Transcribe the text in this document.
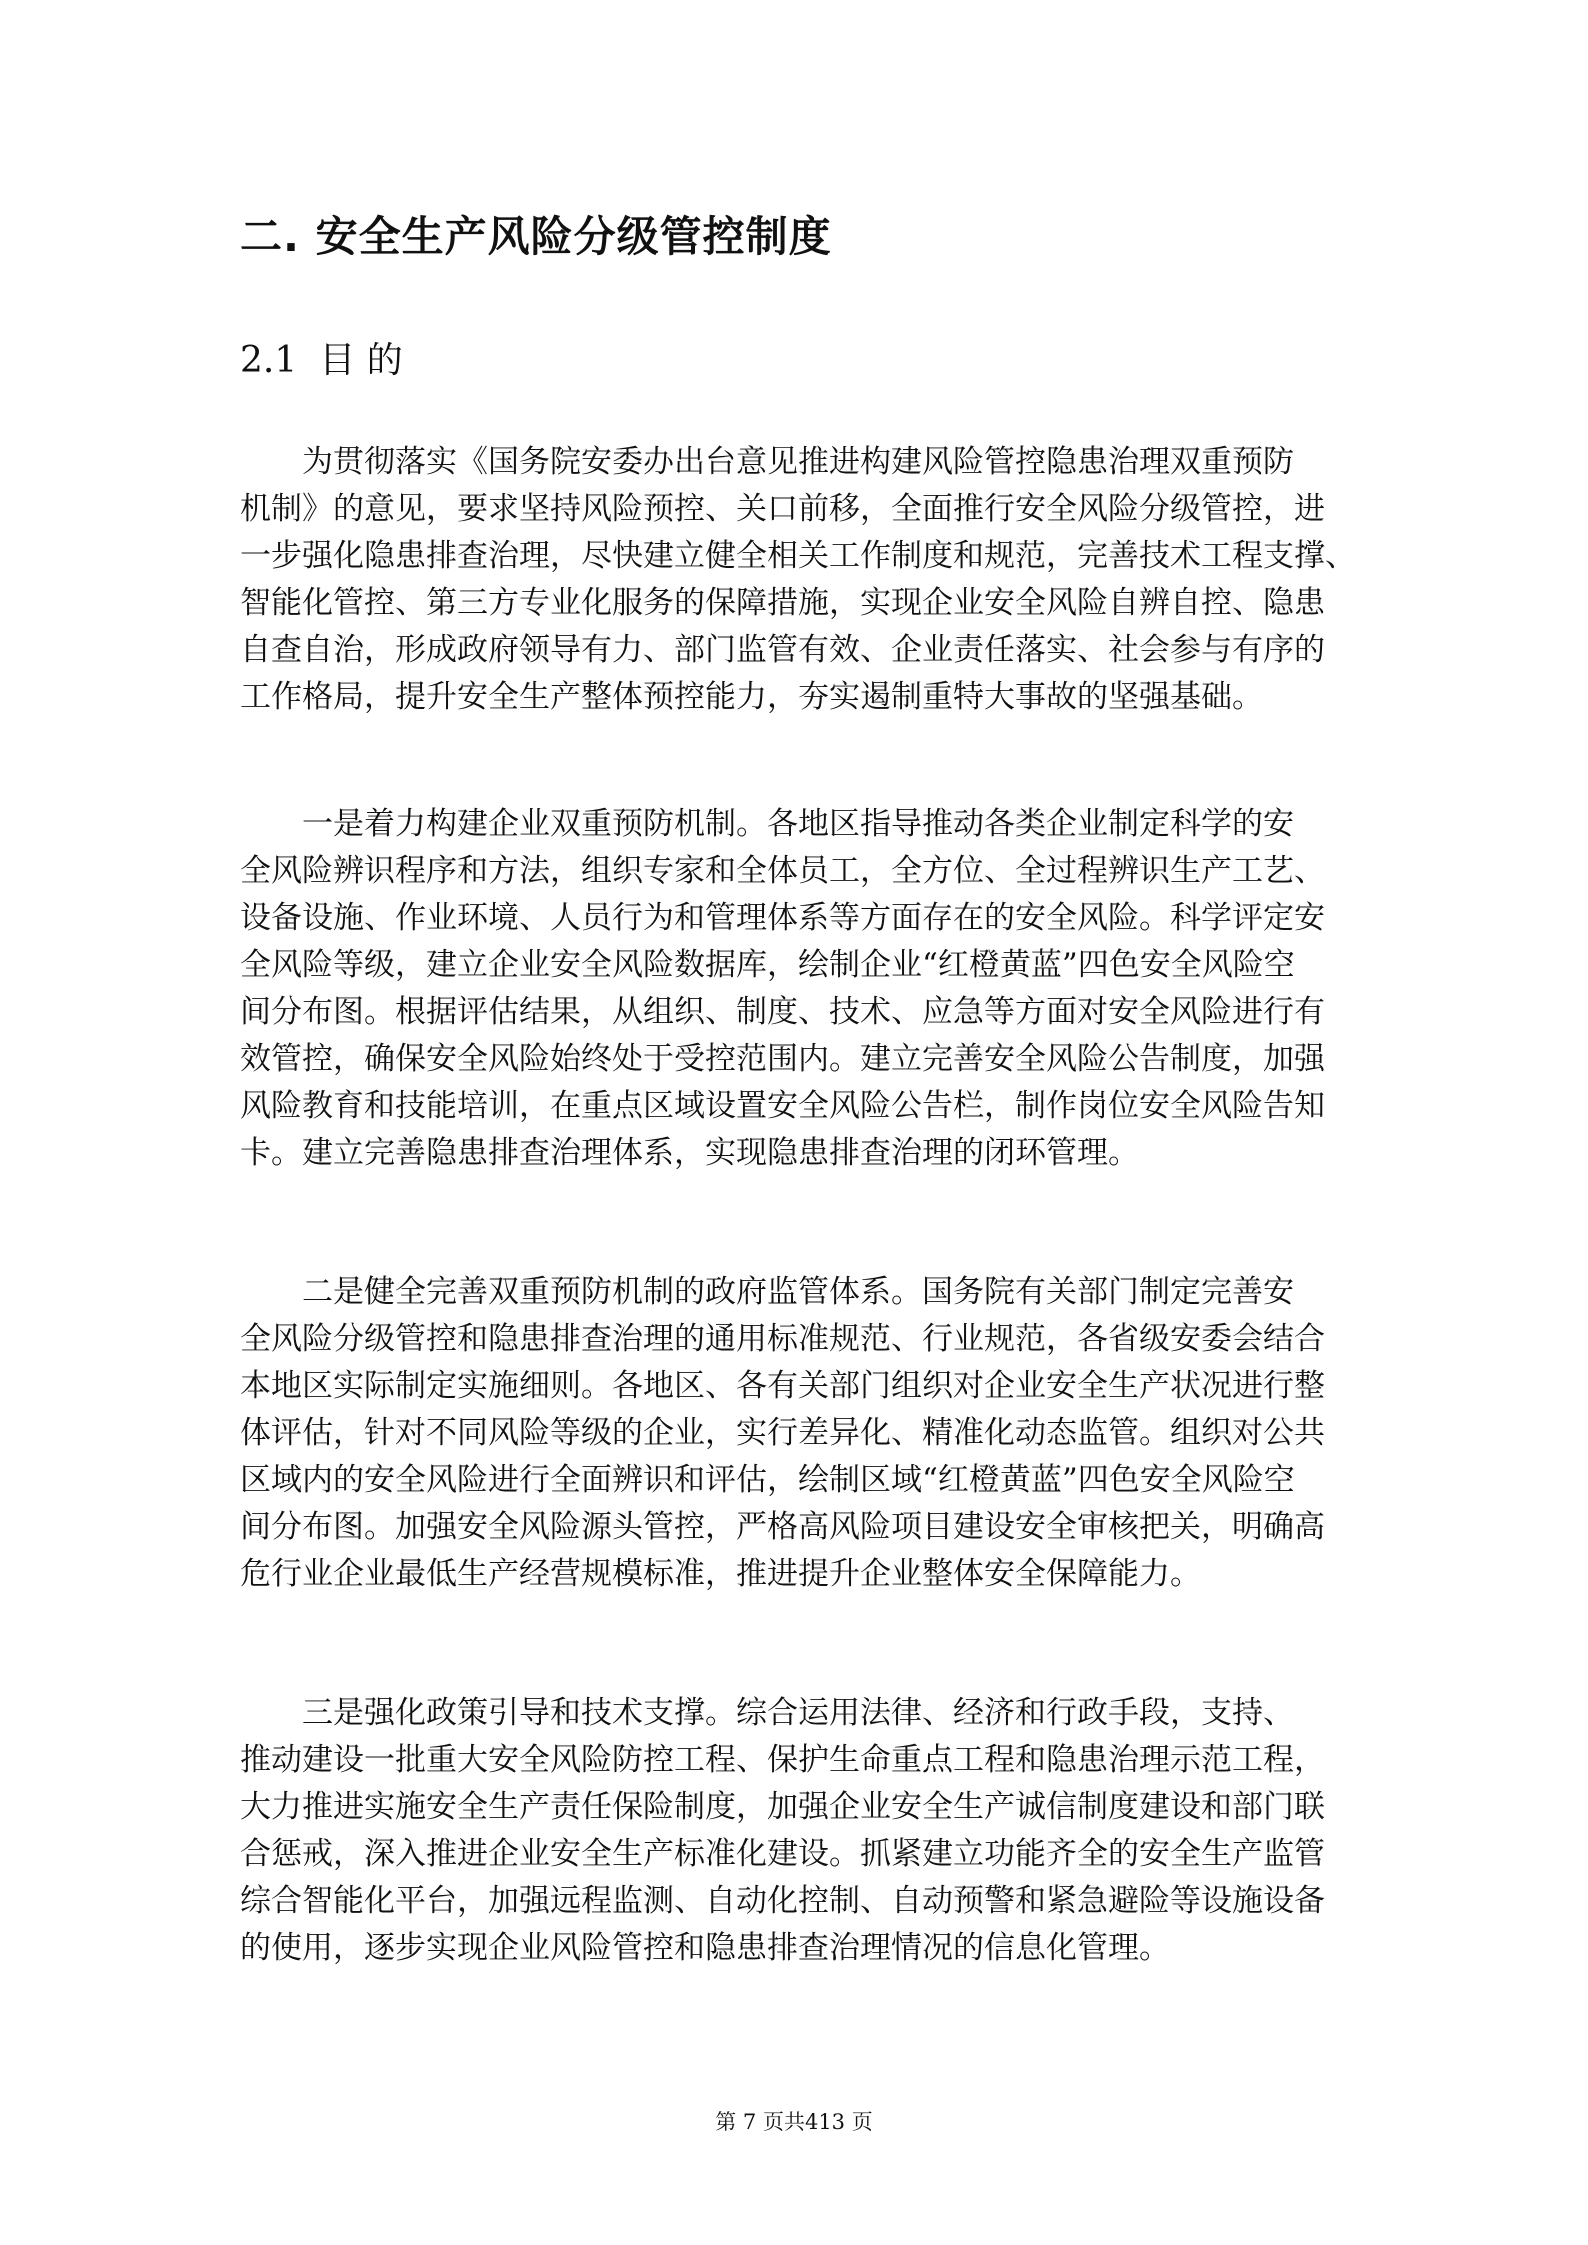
二. 安全生产风险分级管控制度
2.1 目 的
　　为贯彻落实《国务院安委办出台意见推进构建风险管控隐患治理双重预防
机制》的意见，要求坚持风险预控、关口前移，全面推行安全风险分级管控，进
一步强化隐患排查治理，尽快建立健全相关工作制度和规范，完善技术工程支撑、
智能化管控、第三方专业化服务的保障措施，实现企业安全风险自辨自控、隐患
自查自治，形成政府领导有力、部门监管有效、企业责任落实、社会参与有序的
工作格局，提升安全生产整体预控能力，夯实遏制重特大事故的坚强基础。
　　一是着力构建企业双重预防机制。各地区指导推动各类企业制定科学的安
全风险辨识程序和方法，组织专家和全体员工，全方位、全过程辨识生产工艺、
设备设施、作业环境、人员行为和管理体系等方面存在的安全风险。科学评定安
全风险等级，建立企业安全风险数据库，绘制企业“红橙黄蓝”四色安全风险空
间分布图。根据评估结果，从组织、制度、技术、应急等方面对安全风险进行有
效管控，确保安全风险始终处于受控范围内。建立完善安全风险公告制度，加强
风险教育和技能培训，在重点区域设置安全风险公告栏，制作岗位安全风险告知
卡。建立完善隐患排查治理体系，实现隐患排查治理的闭环管理。
　　二是健全完善双重预防机制的政府监管体系。国务院有关部门制定完善安
全风险分级管控和隐患排查治理的通用标准规范、行业规范，各省级安委会结合
本地区实际制定实施细则。各地区、各有关部门组织对企业安全生产状况进行整
体评估，针对不同风险等级的企业，实行差异化、精准化动态监管。组织对公共
区域内的安全风险进行全面辨识和评估，绘制区域“红橙黄蓝”四色安全风险空
间分布图。加强安全风险源头管控，严格高风险项目建设安全审核把关，明确高
危行业企业最低生产经营规模标准，推进提升企业整体安全保障能力。
　　三是强化政策引导和技术支撑。综合运用法律、经济和行政手段，支持、
推动建设一批重大安全风险防控工程、保护生命重点工程和隐患治理示范工程，
大力推进实施安全生产责任保险制度，加强企业安全生产诚信制度建设和部门联
合惩戒，深入推进企业安全生产标准化建设。抓紧建立功能齐全的安全生产监管
综合智能化平台，加强远程监测、自动化控制、自动预警和紧急避险等设施设备
的使用，逐步实现企业风险管控和隐患排查治理情况的信息化管理。
第 7 页共413 页
